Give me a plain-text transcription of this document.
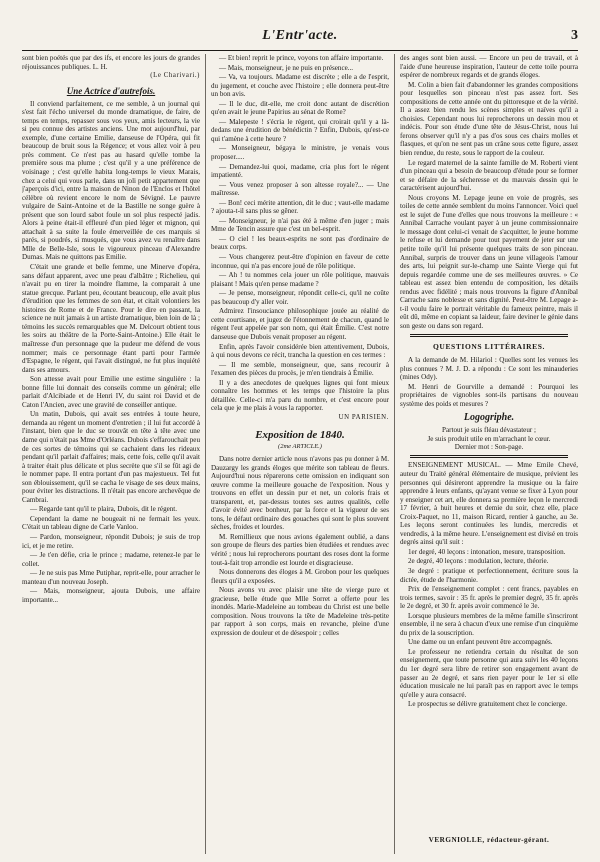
L'Entr'acte.	3

sont bien poétés que par des ifs, et encore les jours de grandes réjouissances publiques. L. H.

(Le Charivari.)
Une Actrice d'autrefois.

Il conviend parfaitement, ce me semble, à un journal qui s'est fait l'écho universel du monde dramatique, de faire, de temps en temps, repasser sous vos yeux, amis lecteurs, la vie si peu connue des artistes anciens. Une mot aujourd'hui, par exemple, d'une certaine Emilie, danseuse de l'Opéra, qui fit beaucoup de bruit sous la Régence; et vous allez voir à peu près comment. Ce n'est pas au hasard qu'elle tombe la première sous ma plume ; c'est qu'il y a une préférence de voisinage ; c'est qu'elle habita long-temps le vieux Marais, chez a celui qui vous parle, dans un joli petit appartement que j'aperçois d'ici, entre la maison de Ninon de l'Enclos et l'hôtel célèbre où revient encore le nom de Sévigné. Le pauvre vulgaire de Saint-Antoine et de la Bastille ne songe guère à présent que son lourd sabot foule un sol plus respecté jadis. Alors à peine était-il effleuré d'un pied léger et mignon, qui attachait à sa suite la foule émerveillée de ces marquis si parés, si poudrés, si musqués, que vous avez vu renaître dans Mlle de Belle-Isle, sous le vigoureux pinceau d'Alexandre Dumas. Mais ne quittons pas Emilie.

C'était une grande et belle femme, une Minerve d'opéra, sans défaut apparent, avec une peau d'albâtre ; Richelieu, qui n'avait pu en tirer la moindre flamme, la comparait à une statue grecque. Parlant peu, écoutant beaucoup, elle avait plus d'érudition que les femmes de son état, et citait volontiers les histoires de Rome et de France. Pour le dire en passant, la science ne nuit jamais à un artiste dramatique, bien loin de là ; témoins les succès remarquables que M. Delcourt obtient tous les soirs au théâtre de la Porte-Saint-Antoine.) Elle était le maîtresse d'un personnage que la pudeur me défend de vous nommer; mais ce personnage étant parti pour l'armée d'Espagne, le régent, qui l'avait distingué, ne fut plus inquiété dans ses amours.

Son attesse avait pour Emilie une estime singulière : la bonne fille lui donnait des conseils comme un général; elle parlait d'Alcibiade et de Henri IV, du saint roi David et de Caton l'Ancien, avec une gravité de conseiller antique.

Un matin, Dubois, qui avait ses entrées à toute heure, demanda au régent un moment d'entretien ; il lui fut accordé à l'instant, bien que le duc se trouvât en tête à tête avec une dame qui n'était pas Mme d'Orléans. Dubois s'effarouchait peu de ces sortes de témoins qui se cachaient dans les rideaux pendant qu'il parlait d'affaires; mais, cette fois, celle qu'il avait à traiter était plus délicate et plus secrète que s'il se fût agi de le nommer pape. Il entra portant d'un pas majestueux. Tel fut son éblouissement, qu'il se cacha le visage de ses deux mains, pour éviter les distractions. Il n'était pas encore archevêque de Cambrai.

— Regarde tant qu'il te plaira, Dubois, dit le régent.

Cependant la dame ne bougeait ni ne fermait les yeux. C'était un tableau digne de Carle Vanloo.

— Pardon, monseigneur, répondit Dubois; je suis de trop ici, et je me retire.

— Je t'en défie, cria le prince ; madame, retenez-le par le collet.

— Je ne suis pas Mme Putiphar, reprit-elle, pour arracher le manteau d'un nouveau Joseph.

— Mais, monseigneur, ajouta Dubois, une affaire importante...

— Et bien! reprit le prince, voyons ton affaire importante.

— Mais, monseigneur, je ne puis en présence...

— Va, va toujours. Madame est discrète ; elle a de l'esprit, du jugement, et couche avec l'histoire ; elle donnera peut-être un bon avis.

— Il le duc, dit-elle, me croit donc autant de discrétion qu'en avait le jeune Papirius au sénat de Rome?

— Malepeste ! s'écria le régent, qui croirait qu'il y a là-dedans une érudition de bénédictin ? Enfin, Dubois, qu'est-ce qui t'amène à cette heure ?

— Monseigneur, bégaya le ministre, je venais vous proposer.....

— Demandez-lui quoi, madame, cria plus fort le régent impatienté.

— Vous venez proposer à son altesse royale?... — Une maîtresse.

— Bon! ceci mérite attention, dit le duc ; vaut-elle madame ? ajouta-t-il sans plus se gêner.

— Monseigneur, je n'ai pas été à même d'en juger ; mais Mme de Tencin assure que c'est un bel-esprit.

— O ciel ! les beaux-esprits ne sont pas d'ordinaire de beaux corps.

— Vous changerez peut-être d'opinion en faveur de cette inconnue, qui n'a pas encore joué de rôle politique.

— Ah ! tu nommes cela jouer un rôle politique, mauvais plaisant ! Mais qu'en pense madame ?

— Je pense, monseigneur, répondit celle-ci, qu'il ne coûte pas beaucoup d'y aller voir.

Admirez l'insouciance philosophique jouée au réalité de cette courtisane, et jugez de l'étonnement de chacun, quand le régent l'eut appelée par son nom, qui était Émilie. C'est notre danseuse que Dubois venait proposer au régent.

Enfin, après l'avoir considérée bien attentivement, Dubois, à qui nous devons ce récit, trancha la question en ces termes :

— Il me semble, monseigneur, que, sans recourir à l'examen des pièces du procès, je m'en tiendrais à Émilie.

Il y a des anecdotes de quelques lignes qui font mieux connaître les hommes et les temps que l'histoire la plus détaillée. Celle-ci m'a paru du nombre, et c'est encore pour cela que je me plais à vous la rapporter.

UN PARISIEN.
Exposition de 1840.
(2me ARTICLE.)

Dans notre dernier article nous n'avons pas pu donner à M. Dauzargy les grands éloges que mérite son tableau de fleurs. Aujourd'hui nous réparerons cette omission en indiquant son œuvre comme la meilleure gouache de l'exposition. Nous y trouvons en effet un dessin pur et net, un coloris frais et transparent, et, par-dessus toutes ses autres qualités, celle d'avoir évité avec bonheur, par la force et la vigueur de ses tons, le défaut ordinaire des gouaches qui sont le plus souvent sèches, froides et lourdes.

M. Remillieux que nous avions également oublié, a dans son groupe de fleurs des parties bien étudiées et rendues avec vérité ; nous lui reprocherons pourtant des roses dont la forme tout-à-fait trop arrondie est lourde et disgracieuse.

Nous donnerons des éloges à M. Grobon pour les quelques fleurs qu'il a exposées.

Nous avons vu avec plaisir une tête de vierge pure et gracieuse, belle étude que Mlle Sorret a offerte pour les inondés. Marie-Madeleine au tombeau du Christ est une belle composition. Nous trouvons la tête de Madeleine très-petite par rapport à son corps, mais en revanche, pleine d'une expression de douleur et de désespoir ; celles

des anges sont bien aussi. — Encore un peu de travail, et à l'aide d'une heureuse inspiration, l'auteur de cette toile pourra espérer de nombreux regards et de grands éloges.

M. Colin a bien fait d'abandonner les grandes compositions pour lesquelles son pinceau n'est pas assez fort. Ses compositions de cette année ont du pittoresque et de la vérité. Il a assez bien rendu les scènes simples et naïves qu'il a choisies. Cependant nous lui reprocherons un dessin mou et indécis. Pour son étude d'une tête de Jésus-Christ, nous lui ferons observer qu'il n'y a pas d'os sous ces chairs molles et flasques, et qu'on ne sent pas un crâne sous cette figure, assez bien rendue, du reste, sous le rapport de la couleur.

Le regard maternel de la sainte famille de M. Roberti vient d'un pinceau qui a besoin de beaucoup d'étude pour se former et se défaire de la sécheresse et du mauvais dessin qui le caractérisent aujourd'hui.

Nous croyons M. Lepage jeune en voie de progrès, ses toiles de cette année semblent du moins l'annoncer. Voici quel est le sujet de l'une d'elles que nous trouvons la meilleure : « Annibal Carrache voulant payer à un jeune commissionnaire le message dont celui-ci venait de s'acquitter, le jeune homme le refuse et lui demande pour tout payement de jeter sur une petite toile qu'il lui présente quelques traits de son pinceau. Annibal, surpris de trouver dans un jeune villageois l'amour des arts, lui peignit sur-le-champ une Sainte Vierge qui fut depuis regardée comme une de ses meilleures œuvres. » Ce tableau est assez bien entendu de composition, les détails rendus avec fidélité ; mais nous trouvons la figure d'Annibal Carrache sans noblesse et sans dignité. Peut-être M. Lepage a-t-il voulu faire le portrait véritable du fameux peintre, mais il eût dû, même en copiant sa laideur, faire deviner le génie dans son geste ou dans son regard.

QUESTIONS LITTÉRAIRES.

A la demande de M. Hilariol : Quelles sont les venues les plus connues ? M. J. D. a répondu : Ce sont les minauderies (mines Ody).

M. Henri de Gourville a demandé : Pourquoi les propriétaires de vignobles sont-ils partisans du nouveau système des poids et mesures ?

Logogriphe.

Partout je suis fléau dévastateur ;

Je suis produit utile en m'arrachant le cœur.

Dernier mot : Son-page.

ENSEIGNEMENT MUSICAL. — Mme Emile Chevé, auteur du Traité général élémentaire de musique, prévient les personnes qui désireront apprendre la musique ou la faire apprendre à leurs enfants, qu'ayant venue se fixer à Lyon pour y enseigner cet art, elle donnera sa première leçon le mercredi 17 février, à huit heures et demie du soir, chez elle, place Croix-Paquet, no 11, maison Ricard, rentier à gauche, au 3e. Les leçons seront continuées les lundis, mercredis et vendredis, à la même heure. L'enseignement est divisé en trois degrés ainsi qu'il suit :

1er degré, 40 leçons : intonation, mesure, transposition.

2e degré, 40 leçons : modulation, lecture, théorie.

3e degré : pratique et perfectionnement, écriture sous la dictée, étude de l'harmonie.

Prix de l'enseignement complet : cent francs, payables en trois termes, savoir : 35 fr. après le premier degré, 35 fr. après le 2e degré, et 30 fr. après avoir commencé le 3e.

Lorsque plusieurs membres de la même famille s'inscriront ensemble, il ne sera à chacun d'eux une remise d'un cinquième du prix de la souscription.

Une dame ou un enfant peuvent être accompagnés.

Le professeur ne retiendra certain du résultat de son enseignement, que toute personne qui aura suivi les 40 leçons du 1er degré sera libre de retirer son engagement avant de passer au 2e degré, et sans rien payer pour le 1er si elle éducation musicale ne lui paraît pas en rapport avec le temps qu'elle y aura consacré.

Le prospectus se délivre gratuitement chez le concierge.

VERGNIOLLE, rédacteur-gérant.
